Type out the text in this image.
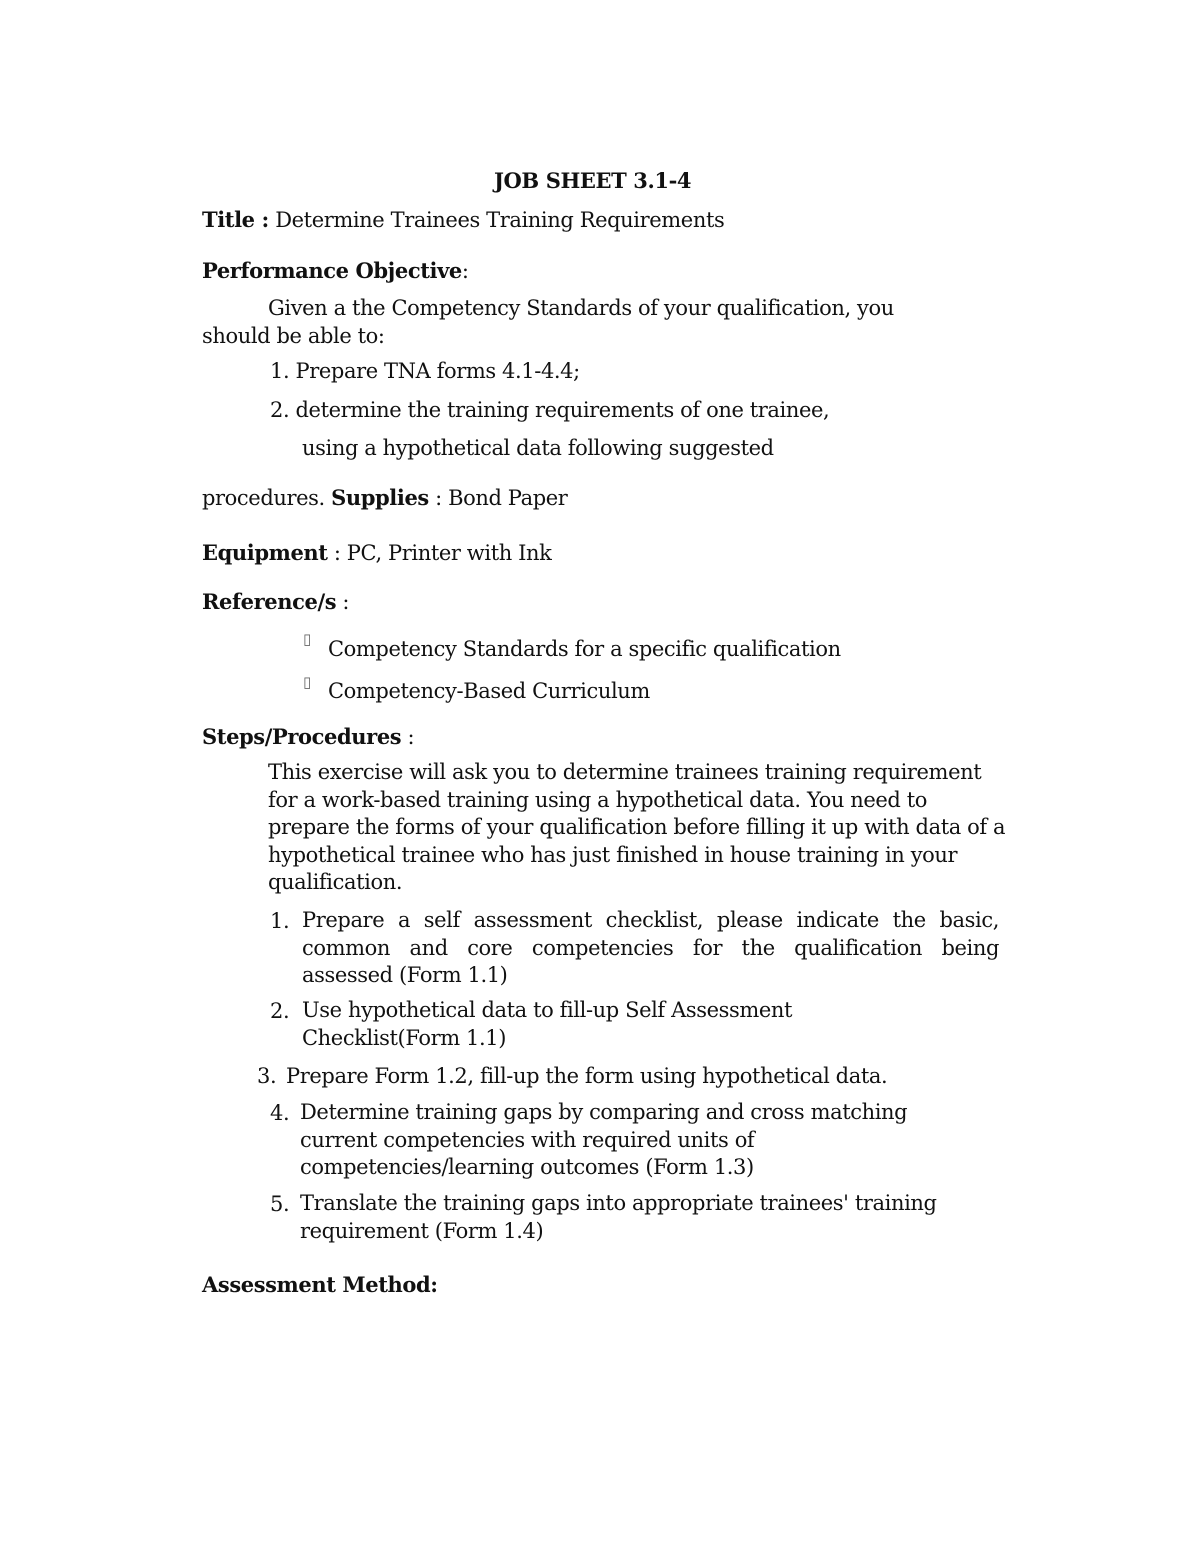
JOB SHEET 3.1-4
Title : Determine Trainees Training Requirements
Performance Objective:
Given a the Competency Standards of your qualification, you
should be able to:
1. Prepare TNA forms 4.1-4.4;
2. determine the training requirements of one trainee,
using a hypothetical data following suggested
procedures. Supplies : Bond Paper
Equipment : PC, Printer with Ink
Reference/s :
▯ Competency Standards for a specific qualification
▯ Competency-Based Curriculum
Steps/Procedures :
This exercise will ask you to determine trainees training requirement for a work-based training using a hypothetical data. You need to prepare the forms of your qualification before filling it up with data of a hypothetical trainee who has just finished in house training in your qualification.
1. Prepare a self assessment checklist, please indicate the basic, common and core competencies for the qualification being assessed (Form 1.1)
2. Use hypothetical data to fill-up Self Assessment Checklist(Form 1.1)
3. Prepare Form 1.2, fill-up the form using hypothetical data.
4. Determine training gaps by comparing and cross matching current competencies with required units of competencies/learning outcomes (Form 1.3)
5. Translate the training gaps into appropriate trainees' training requirement (Form 1.4)
Assessment Method:
